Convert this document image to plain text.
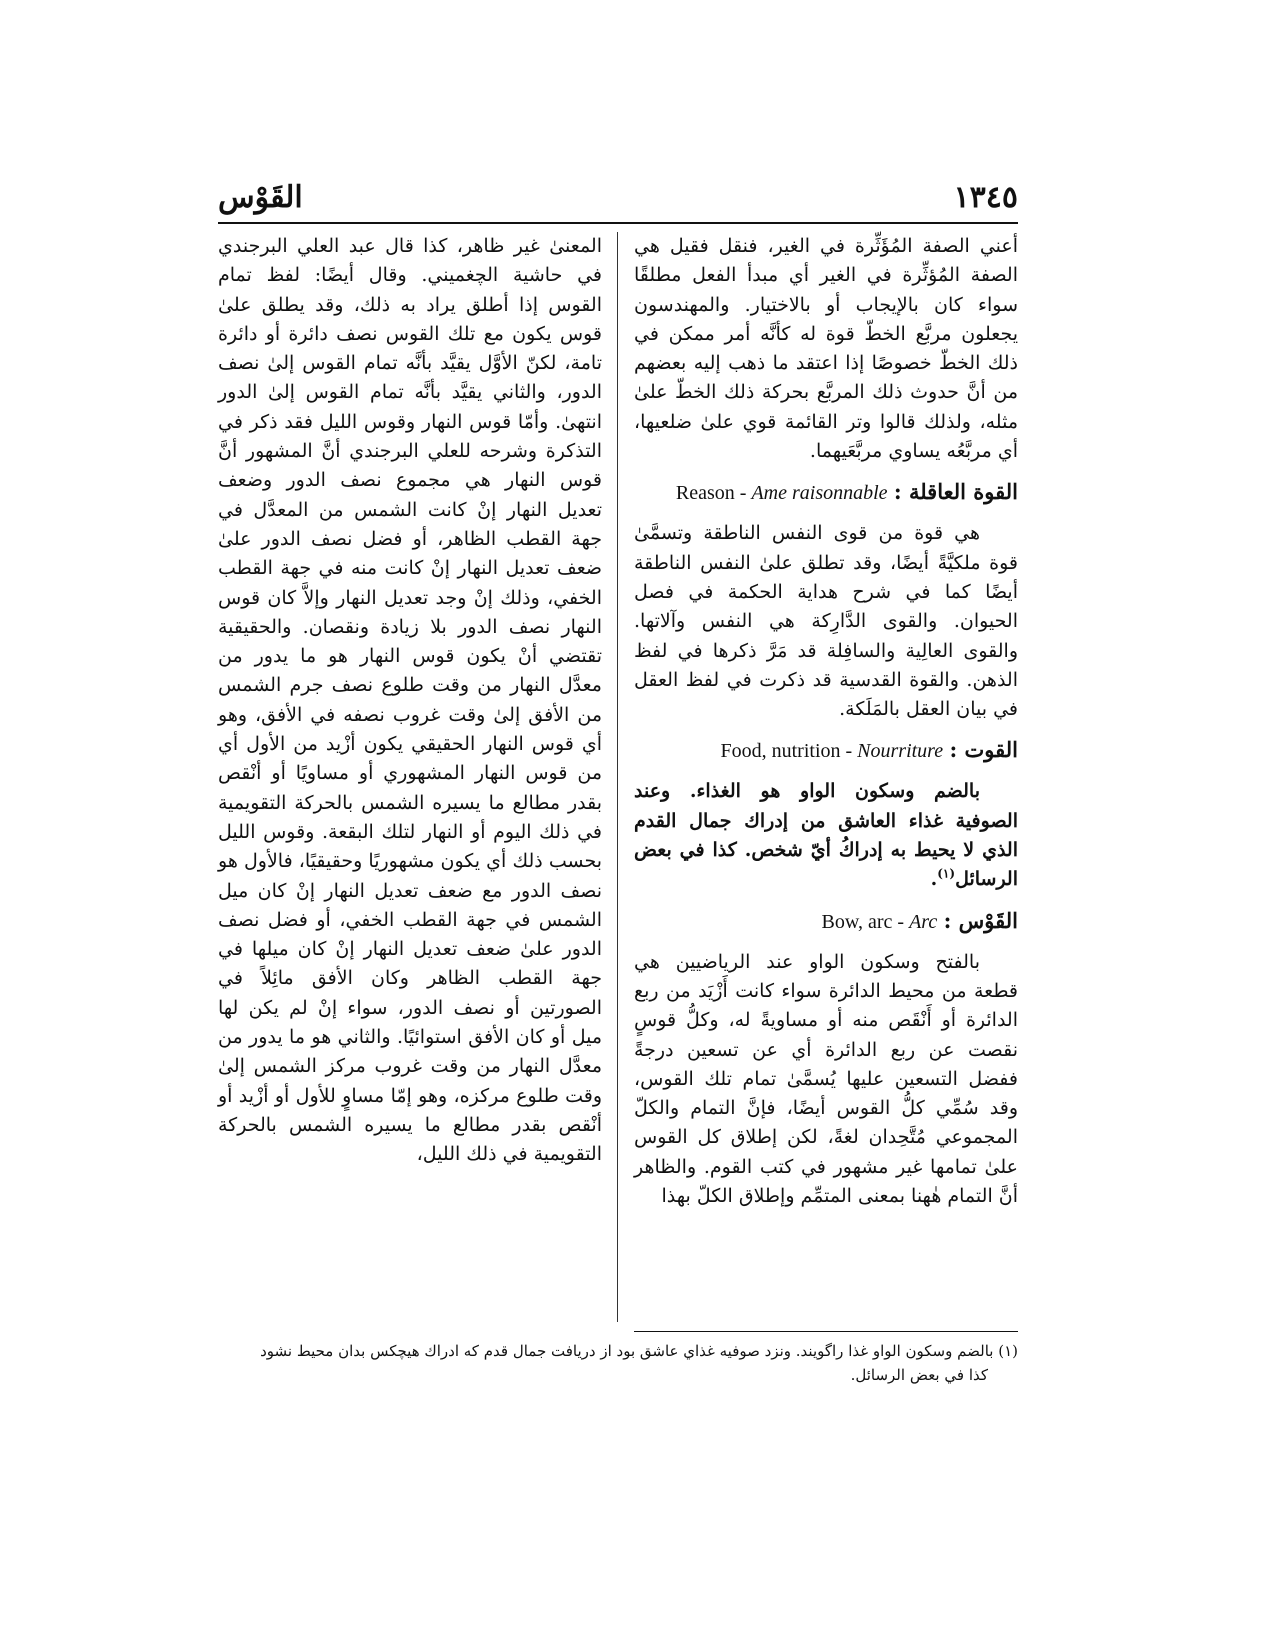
١٣٤٥
القَوْس

أعني الصفة المُؤَثِّرة في الغير، فنقل فقيل هي الصفة المُؤثِّرة في الغير أي مبدأ الفعل مطلقًا سواء كان بالإيجاب أو بالاختيار. والمهندسون يجعلون مربَّع الخطّ قوة له كأنَّه أمر ممكن في ذلك الخطّ خصوصًا إذا اعتقد ما ذهب إليه بعضهم من أنَّ حدوث ذلك المربَّع بحركة ذلك الخطّ علىٰ مثله، ولذلك قالوا وتر القائمة قوي علىٰ ضلعيها، أي مربَّعُه يساوي مربَّعَيهما.

القوة العاقلة : Reason - Ame raisonnable

هي قوة من قوى النفس الناطقة وتسمَّىٰ قوة ملكيَّةً أيضًا، وقد تطلق علىٰ النفس الناطقة أيضًا كما في شرح هداية الحكمة في فصل الحيوان. والقوى الدَّارِكة هي النفس وآلاتها. والقوى العالِية والسافِلة قد مَرَّ ذكرها في لفظ الذهن. والقوة القدسية قد ذكرت في لفظ العقل في بيان العقل بالمَلَكة.

القوت : Food, nutrition - Nourriture

بالضم وسكون الواو هو الغذاء. وعند الصوفية غذاء العاشق من إدراك جمال القدم الذي لا يحيط به إدراكُ أيّ شخص. كذا في بعض الرسائل$^{(١)}$.

القَوْس : Bow, arc - Arc

بالفتح وسكون الواو عند الرياضيين هي قطعة من محيط الدائرة سواء كانت أَزْيَد من ربع الدائرة أو أَنْقَص منه أو مساويةً له، وكلُّ قوسٍ نقصت عن ربع الدائرة أي عن تسعين درجةً ففضل التسعين عليها يُسمَّىٰ تمام تلك القوس، وقد سُمِّي كلُّ القوس أيضًا، فإنَّ التمام والكلّ المجموعي مُتَّحِدان لغةً، لكن إطلاق كل القوس علىٰ تمامها غير مشهور في كتب القوم. والظاهر أنَّ التمام هٰهنا بمعنى المتمِّم وإطلاق الكلّ بهذا

المعنىٰ غير ظاهر، كذا قال عبد العلي البرجندي في حاشية الچغميني. وقال أيضًا: لفظ تمام القوس إذا أطلق يراد به ذلك، وقد يطلق علىٰ قوس يكون مع تلك القوس نصف دائرة أو دائرة تامة، لكنّ الأوَّل يقيَّد بأنَّه تمام القوس إلىٰ نصف الدور، والثاني يقيَّد بأنَّه تمام القوس إلىٰ الدور انتهىٰ. وأمّا قوس النهار وقوس الليل فقد ذكر في التذكرة وشرحه للعلي البرجندي أنَّ المشهور أنَّ قوس النهار هي مجموع نصف الدور وضعف تعديل النهار إنْ كانت الشمس من المعدَّل في جهة القطب الظاهر، أو فضل نصف الدور علىٰ ضعف تعديل النهار إنْ كانت منه في جهة القطب الخفي، وذلك إنْ وجد تعديل النهار وإلاَّ كان قوس النهار نصف الدور بلا زيادة ونقصان. والحقيقية تقتضي أنْ يكون قوس النهار هو ما يدور من معدَّل النهار من وقت طلوع نصف جرم الشمس من الأفق إلىٰ وقت غروب نصفه في الأفق، وهو أي قوس النهار الحقيقي يكون أزْيد من الأول أي من قوس النهار المشهوري أو مساويًا أو أنْقص بقدر مطالع ما يسيره الشمس بالحركة التقويمية في ذلك اليوم أو النهار لتلك البقعة. وقوس الليل بحسب ذلك أي يكون مشهوريًا وحقيقيًا، فالأول هو نصف الدور مع ضعف تعديل النهار إنْ كان ميل الشمس في جهة القطب الخفي، أو فضل نصف الدور علىٰ ضعف تعديل النهار إنْ كان ميلها في جهة القطب الظاهر وكان الأفق مائِلاً في الصورتين أو نصف الدور، سواء إنْ لم يكن لها ميل أو كان الأفق استوائيًا. والثاني هو ما يدور من معدَّل النهار من وقت غروب مركز الشمس إلىٰ وقت طلوع مركزه، وهو إمّا مساوٍ للأول أو أزْيد أو أنْقص بقدر مطالع ما يسيره الشمس بالحركة التقويمية في ذلك الليل،

(١) بالضم وسكون الواو غذا راگويند. ونزد صوفيه غذاي عاشق بود از دريافت جمال قدم كه ادراك هيچكس بدان محيط نشود

كذا في بعض الرسائل.
